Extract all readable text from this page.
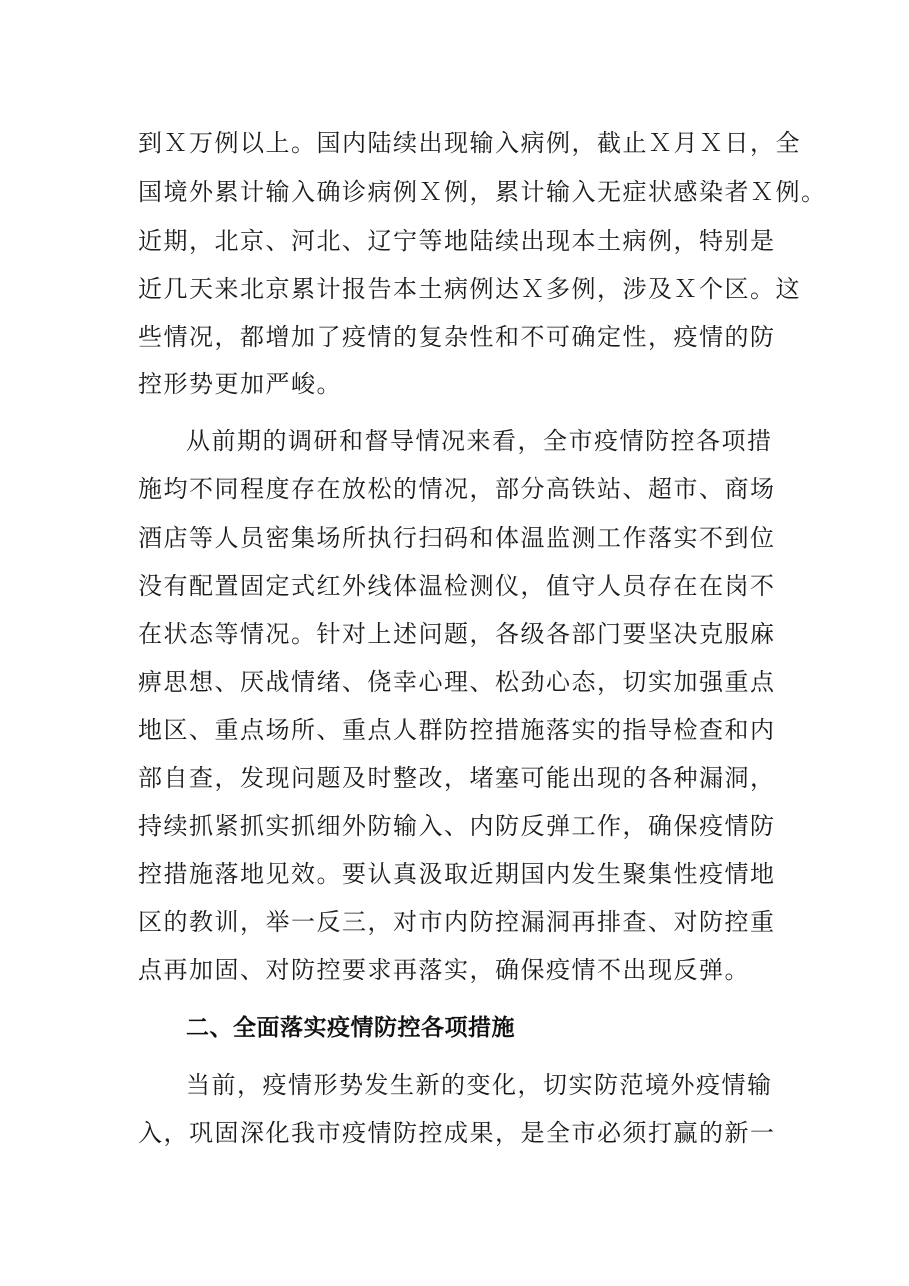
到Ｘ万例以上。国内陆续出现输入病例，截止Ｘ月Ｘ日，全
国境外累计输入确诊病例Ｘ例，累计输入无症状感染者Ｘ例。
近期，北京、河北、辽宁等地陆续出现本土病例，特别是
近几天来北京累计报告本土病例达Ｘ多例，涉及Ｘ个区。这
些情况，都增加了疫情的复杂性和不可确定性，疫情的防
控形势更加严峻。
从前期的调研和督导情况来看，全市疫情防控各项措
施均不同程度存在放松的情况，部分高铁站、超市、商场
酒店等人员密集场所执行扫码和体温监测工作落实不到位
没有配置固定式红外线体温检测仪，值守人员存在在岗不
在状态等情况。针对上述问题，各级各部门要坚决克服麻
痹思想、厌战情绪、侥幸心理、松劲心态，切实加强重点
地区、重点场所、重点人群防控措施落实的指导检查和内
部自查，发现问题及时整改，堵塞可能出现的各种漏洞，
持续抓紧抓实抓细外防输入、内防反弹工作，确保疫情防
控措施落地见效。要认真汲取近期国内发生聚集性疫情地
区的教训，举一反三，对市内防控漏洞再排查、对防控重
点再加固、对防控要求再落实，确保疫情不出现反弹。
二、全面落实疫情防控各项措施
当前，疫情形势发生新的变化，切实防范境外疫情输
入，巩固深化我市疫情防控成果，是全市必须打赢的新一
